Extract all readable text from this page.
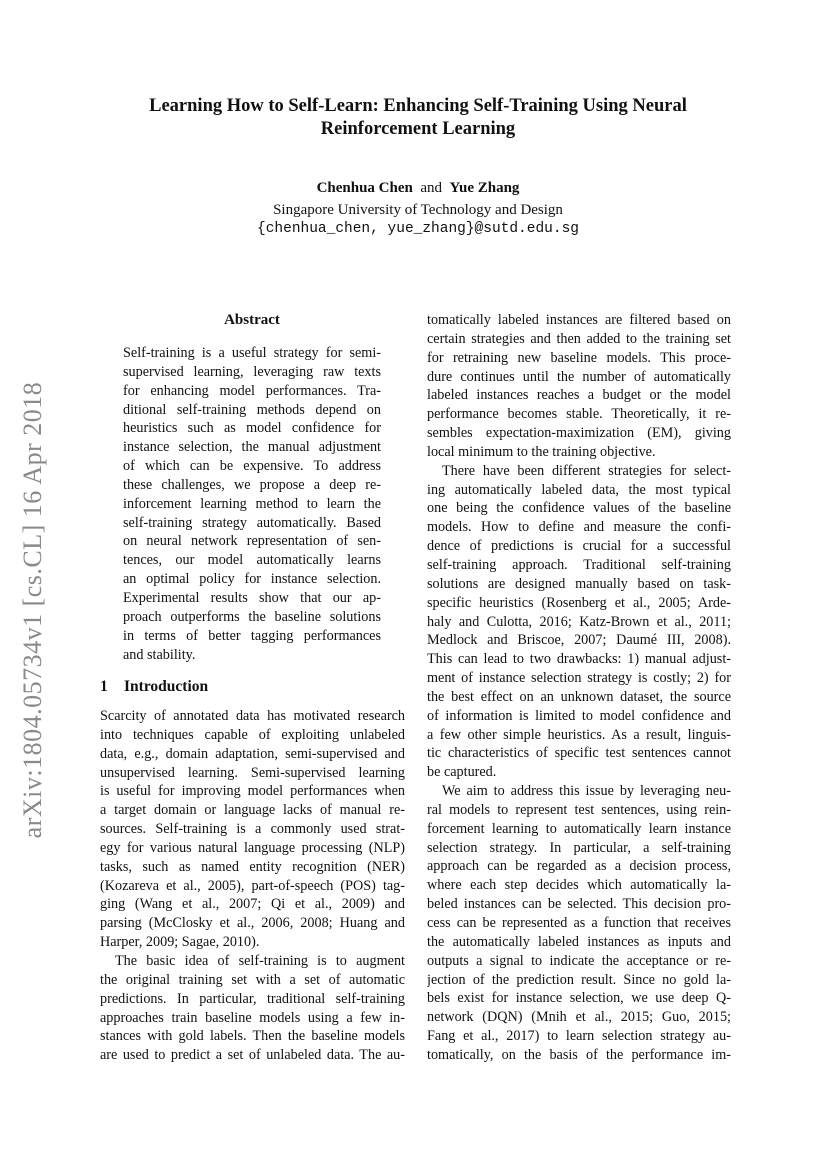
Learning How to Self-Learn: Enhancing Self-Training Using Neural
Reinforcement Learning
Chenhua Chen and Yue Zhang
Singapore University of Technology and Design
{chenhua_chen, yue_zhang}@sutd.edu.sg
arXiv:1804.05734v1 [cs.CL] 16 Apr 2018
Abstract
Self-training is a useful strategy for semi-
supervised learning, leveraging raw texts
for enhancing model performances. Tra-
ditional self-training methods depend on
heuristics such as model confidence for
instance selection, the manual adjustment
of which can be expensive. To address
these challenges, we propose a deep re-
inforcement learning method to learn the
self-training strategy automatically. Based
on neural network representation of sen-
tences, our model automatically learns
an optimal policy for instance selection.
Experimental results show that our ap-
proach outperforms the baseline solutions
in terms of better tagging performances
and stability.
1 Introduction
Scarcity of annotated data has motivated research
into techniques capable of exploiting unlabeled
data, e.g., domain adaptation, semi-supervised and
unsupervised learning. Semi-supervised learning
is useful for improving model performances when
a target domain or language lacks of manual re-
sources. Self-training is a commonly used strat-
egy for various natural language processing (NLP)
tasks, such as named entity recognition (NER)
(Kozareva et al., 2005), part-of-speech (POS) tag-
ging (Wang et al., 2007; Qi et al., 2009) and
parsing (McClosky et al., 2006, 2008; Huang and
Harper, 2009; Sagae, 2010).
The basic idea of self-training is to augment
the original training set with a set of automatic
predictions. In particular, traditional self-training
approaches train baseline models using a few in-
stances with gold labels. Then the baseline models
are used to predict a set of unlabeled data. The au-
tomatically labeled instances are filtered based on
certain strategies and then added to the training set
for retraining new baseline models. This proce-
dure continues until the number of automatically
labeled instances reaches a budget or the model
performance becomes stable. Theoretically, it re-
sembles expectation-maximization (EM), giving
local minimum to the training objective.
There have been different strategies for select-
ing automatically labeled data, the most typical
one being the confidence values of the baseline
models. How to define and measure the confi-
dence of predictions is crucial for a successful
self-training approach. Traditional self-training
solutions are designed manually based on task-
specific heuristics (Rosenberg et al., 2005; Arde-
haly and Culotta, 2016; Katz-Brown et al., 2011;
Medlock and Briscoe, 2007; Daumé III, 2008).
This can lead to two drawbacks: 1) manual adjust-
ment of instance selection strategy is costly; 2) for
the best effect on an unknown dataset, the source
of information is limited to model confidence and
a few other simple heuristics. As a result, linguis-
tic characteristics of specific test sentences cannot
be captured.
We aim to address this issue by leveraging neu-
ral models to represent test sentences, using rein-
forcement learning to automatically learn instance
selection strategy. In particular, a self-training
approach can be regarded as a decision process,
where each step decides which automatically la-
beled instances can be selected. This decision pro-
cess can be represented as a function that receives
the automatically labeled instances as inputs and
outputs a signal to indicate the acceptance or re-
jection of the prediction result. Since no gold la-
bels exist for instance selection, we use deep Q-
network (DQN) (Mnih et al., 2015; Guo, 2015;
Fang et al., 2017) to learn selection strategy au-
tomatically, on the basis of the performance im-
